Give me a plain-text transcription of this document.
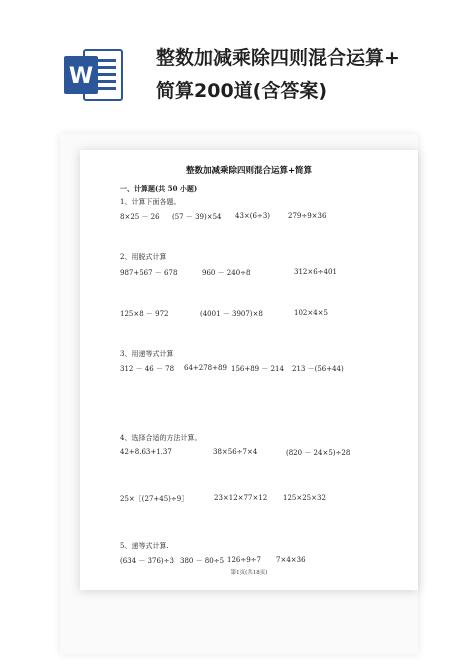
W
整数加减乘除四则混合运算+
简算200道(含答案)
整数加减乘除四则混合运算+简算
一、计算题(共 50 小题)
1、计算下面各题。
8×25 － 26 (57 － 39)×54 43×(6÷3)	279÷9×36
2、用脱式计算
987+567 － 678	960 － 240÷8	312×6÷401
125×8 － 972	(4001 － 3907)×8	102×4×5
3、用递等式计算
312 － 46 － 78 64+278+89 156+89 － 214 213 －(56+44)
4、选择合适的方法计算。
42+8.63+1.37	38×56÷7×4	(820 － 24×5)÷28
25×［(27+45)÷9］	23×12×77×12 125×25×32
5、递等式计算.
(634 － 376)÷3 380 － 80÷5 126÷9÷7 7×4×36
第1页(共18页)
